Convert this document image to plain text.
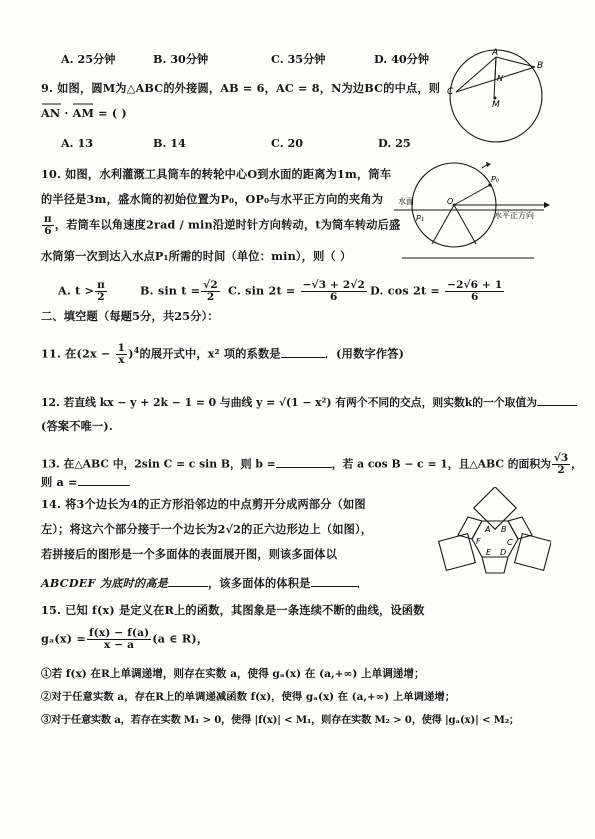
A. 25分钟	B. 30分钟	C. 35分钟	D. 40分钟
9. 如图，圆M为△ABC的外接圆，AB = 6，AC = 8，N为边BC的中点，则
AN · AM = ( )
A. 13	B. 14	C. 20	D. 25
A
B
C
M
N
10. 如图，水利灌溉工具筒车的转轮中心O到水面的距离为1m，筒车
的半径是3m，盛水筒的初始位置为P₀，OP₀与水平正方向的夹角为
$\frac{\pi}{6}$ ，若筒车以角速度2rad / min沿逆时针方向转动，t为筒车转动后盛
水筒第一次到达入水点P₁所需的时间（单位：min），则（ ）
A. $t > \frac{\pi}{2}$	B. $\sin t = \frac{√2}{2} C$. $\sin 2t = \frac{-√3 + 2√2}{6} D$. $\cos 2t = \frac{-2√6 + 1}{6}$
水面
水平正方向
O
P₀
P₁
二、填空题（每题5分，共25分）：
11. 在$(2x - \frac{1}{x} )^4$的展开式中，x² 项的系数是	．(用数字作答)
12. 若直线 kx − y + 2k − 1 = 0 与曲线 y = √(1 − x²) 有两个不同的交点，则实数k的一个取值为
(答案不唯一).
13. 在△ABC 中，2sin C = c sin B，则 b =	，若 a cos B − c = 1，且△ABC 的面积为 $\frac{√3}{2}$ ，
则 a =
14. 将3个边长为4的正方形沿邻边的中点剪开分成两部分（如图
左）；将这六个部分接于一个边长为2√2的正六边形边上（如图），
若拼接后的图形是一个多面体的表面展开图，则该多面体以
ABCDEF 为底时的高是	，该多面体的体积是	．
A B
C
D
E
F
15. 已知 f(x) 是定义在R上的函数，其图象是一条连续不断的曲线，设函数
$g_a(x) = \frac{f(x) - f(a)}{x - a} (a$ ∈ R)，
①若 f(x) 在R上单调递增，则存在实数 a，使得 gₐ(x) 在 (a,+∞) 上单调递增；
②对于任意实数 a，存在R上的单调递减函数 f(x)，使得 gₐ(x) 在 (a,+∞) 上单调递增；
③对于任意实数 a，若存在实数 M₁ > 0，使得 |f(x)| < M₁，则存在实数 M₂ > 0，使得 |gₐ(x)| < M₂；
